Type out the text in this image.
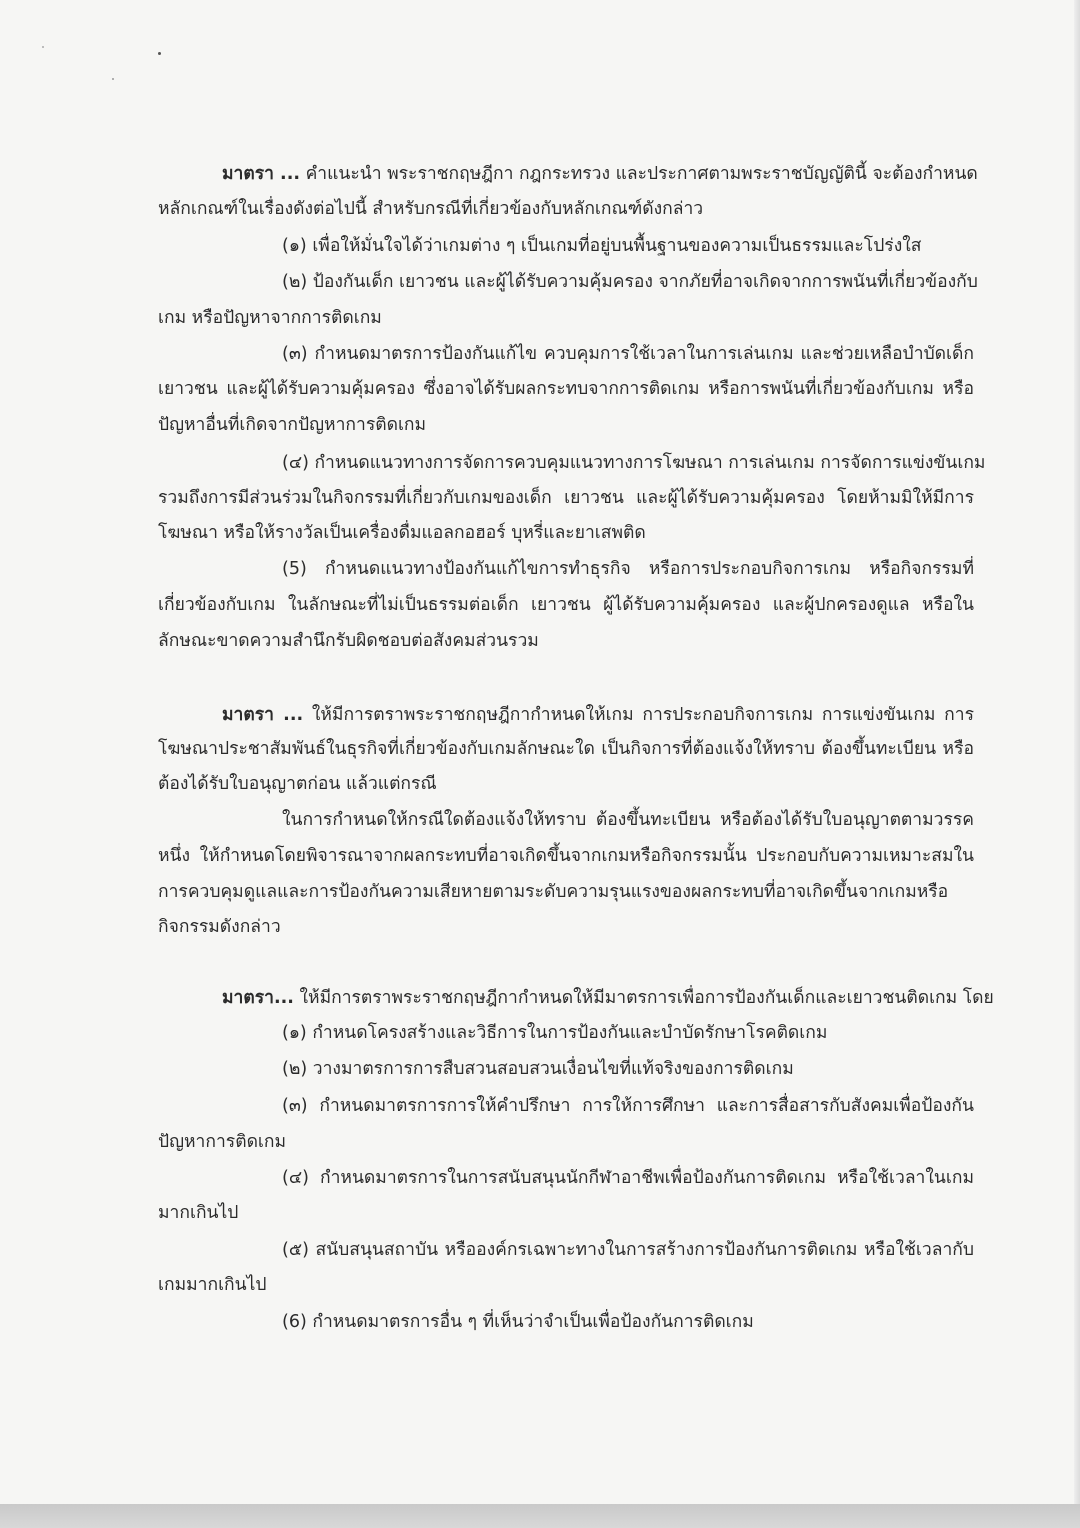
มาตรา ... คำแนะนำ พระราชกฤษฎีกา กฎกระทรวง และประกาศตามพระราชบัญญัตินี้ จะต้องกำหนด

หลักเกณฑ์ในเรื่องดังต่อไปนี้ สำหรับกรณีที่เกี่ยวข้องกับหลักเกณฑ์ดังกล่าว

(๑) เพื่อให้มั่นใจได้ว่าเกมต่าง ๆ เป็นเกมที่อยู่บนพื้นฐานของความเป็นธรรมและโปร่งใส

(๒) ป้องกันเด็ก เยาวชน และผู้ได้รับความคุ้มครอง จากภัยที่อาจเกิดจากการพนันที่เกี่ยวข้องกับ

เกม หรือปัญหาจากการติดเกม

(๓) กำหนดมาตรการป้องกันแก้ไข ควบคุมการใช้เวลาในการเล่นเกม และช่วยเหลือบำบัดเด็ก

เยาวชน และผู้ได้รับความคุ้มครอง ซึ่งอาจได้รับผลกระทบจากการติดเกม หรือการพนันที่เกี่ยวข้องกับเกม หรือ

ปัญหาอื่นที่เกิดจากปัญหาการติดเกม

(๔) กำหนดแนวทางการจัดการควบคุมแนวทางการโฆษณา การเล่นเกม การจัดการแข่งขันเกม

รวมถึงการมีส่วนร่วมในกิจกรรมที่เกี่ยวกับเกมของเด็ก เยาวชน และผู้ได้รับความคุ้มครอง โดยห้ามมิให้มีการ

โฆษณา หรือให้รางวัลเป็นเครื่องดื่มแอลกอฮอร์ บุหรี่และยาเสพติด

(5) กำหนดแนวทางป้องกันแก้ไขการทำธุรกิจ หรือการประกอบกิจการเกม หรือกิจกรรมที่

เกี่ยวข้องกับเกม ในลักษณะที่ไม่เป็นธรรมต่อเด็ก เยาวชน ผู้ได้รับความคุ้มครอง และผู้ปกครองดูแล หรือใน

ลักษณะขาดความสำนึกรับผิดชอบต่อสังคมส่วนรวม

มาตรา ... ให้มีการตราพระราชกฤษฎีกากำหนดให้เกม การประกอบกิจการเกม การแข่งขันเกม การ

โฆษณาประชาสัมพันธ์ในธุรกิจที่เกี่ยวข้องกับเกมลักษณะใด เป็นกิจการที่ต้องแจ้งให้ทราบ ต้องขึ้นทะเบียน หรือ

ต้องได้รับใบอนุญาตก่อน แล้วแต่กรณี

ในการกำหนดให้กรณีใดต้องแจ้งให้ทราบ ต้องขึ้นทะเบียน หรือต้องได้รับใบอนุญาตตามวรรค

หนึ่ง ให้กำหนดโดยพิจารณาจากผลกระทบที่อาจเกิดขึ้นจากเกมหรือกิจกรรมนั้น ประกอบกับความเหมาะสมใน

การควบคุมดูแลและการป้องกันความเสียหายตามระดับความรุนแรงของผลกระทบที่อาจเกิดขึ้นจากเกมหรือ

กิจกรรมดังกล่าว

มาตรา... ให้มีการตราพระราชกฤษฎีกากำหนดให้มีมาตรการเพื่อการป้องกันเด็กและเยาวชนติดเกม โดย

(๑) กำหนดโครงสร้างและวิธีการในการป้องกันและบำบัดรักษาโรคติดเกม

(๒) วางมาตรการการสืบสวนสอบสวนเงื่อนไขที่แท้จริงของการติดเกม

(๓) กำหนดมาตรการการให้คำปรึกษา การให้การศึกษา และการสื่อสารกับสังคมเพื่อป้องกัน

ปัญหาการติดเกม

(๔) กำหนดมาตรการในการสนับสนุนนักกีฬาอาชีพเพื่อป้องกันการติดเกม หรือใช้เวลาในเกม

มากเกินไป

(๕) สนับสนุนสถาบัน หรือองค์กรเฉพาะทางในการสร้างการป้องกันการติดเกม หรือใช้เวลากับ

เกมมากเกินไป

(6) กำหนดมาตรการอื่น ๆ ที่เห็นว่าจำเป็นเพื่อป้องกันการติดเกม
